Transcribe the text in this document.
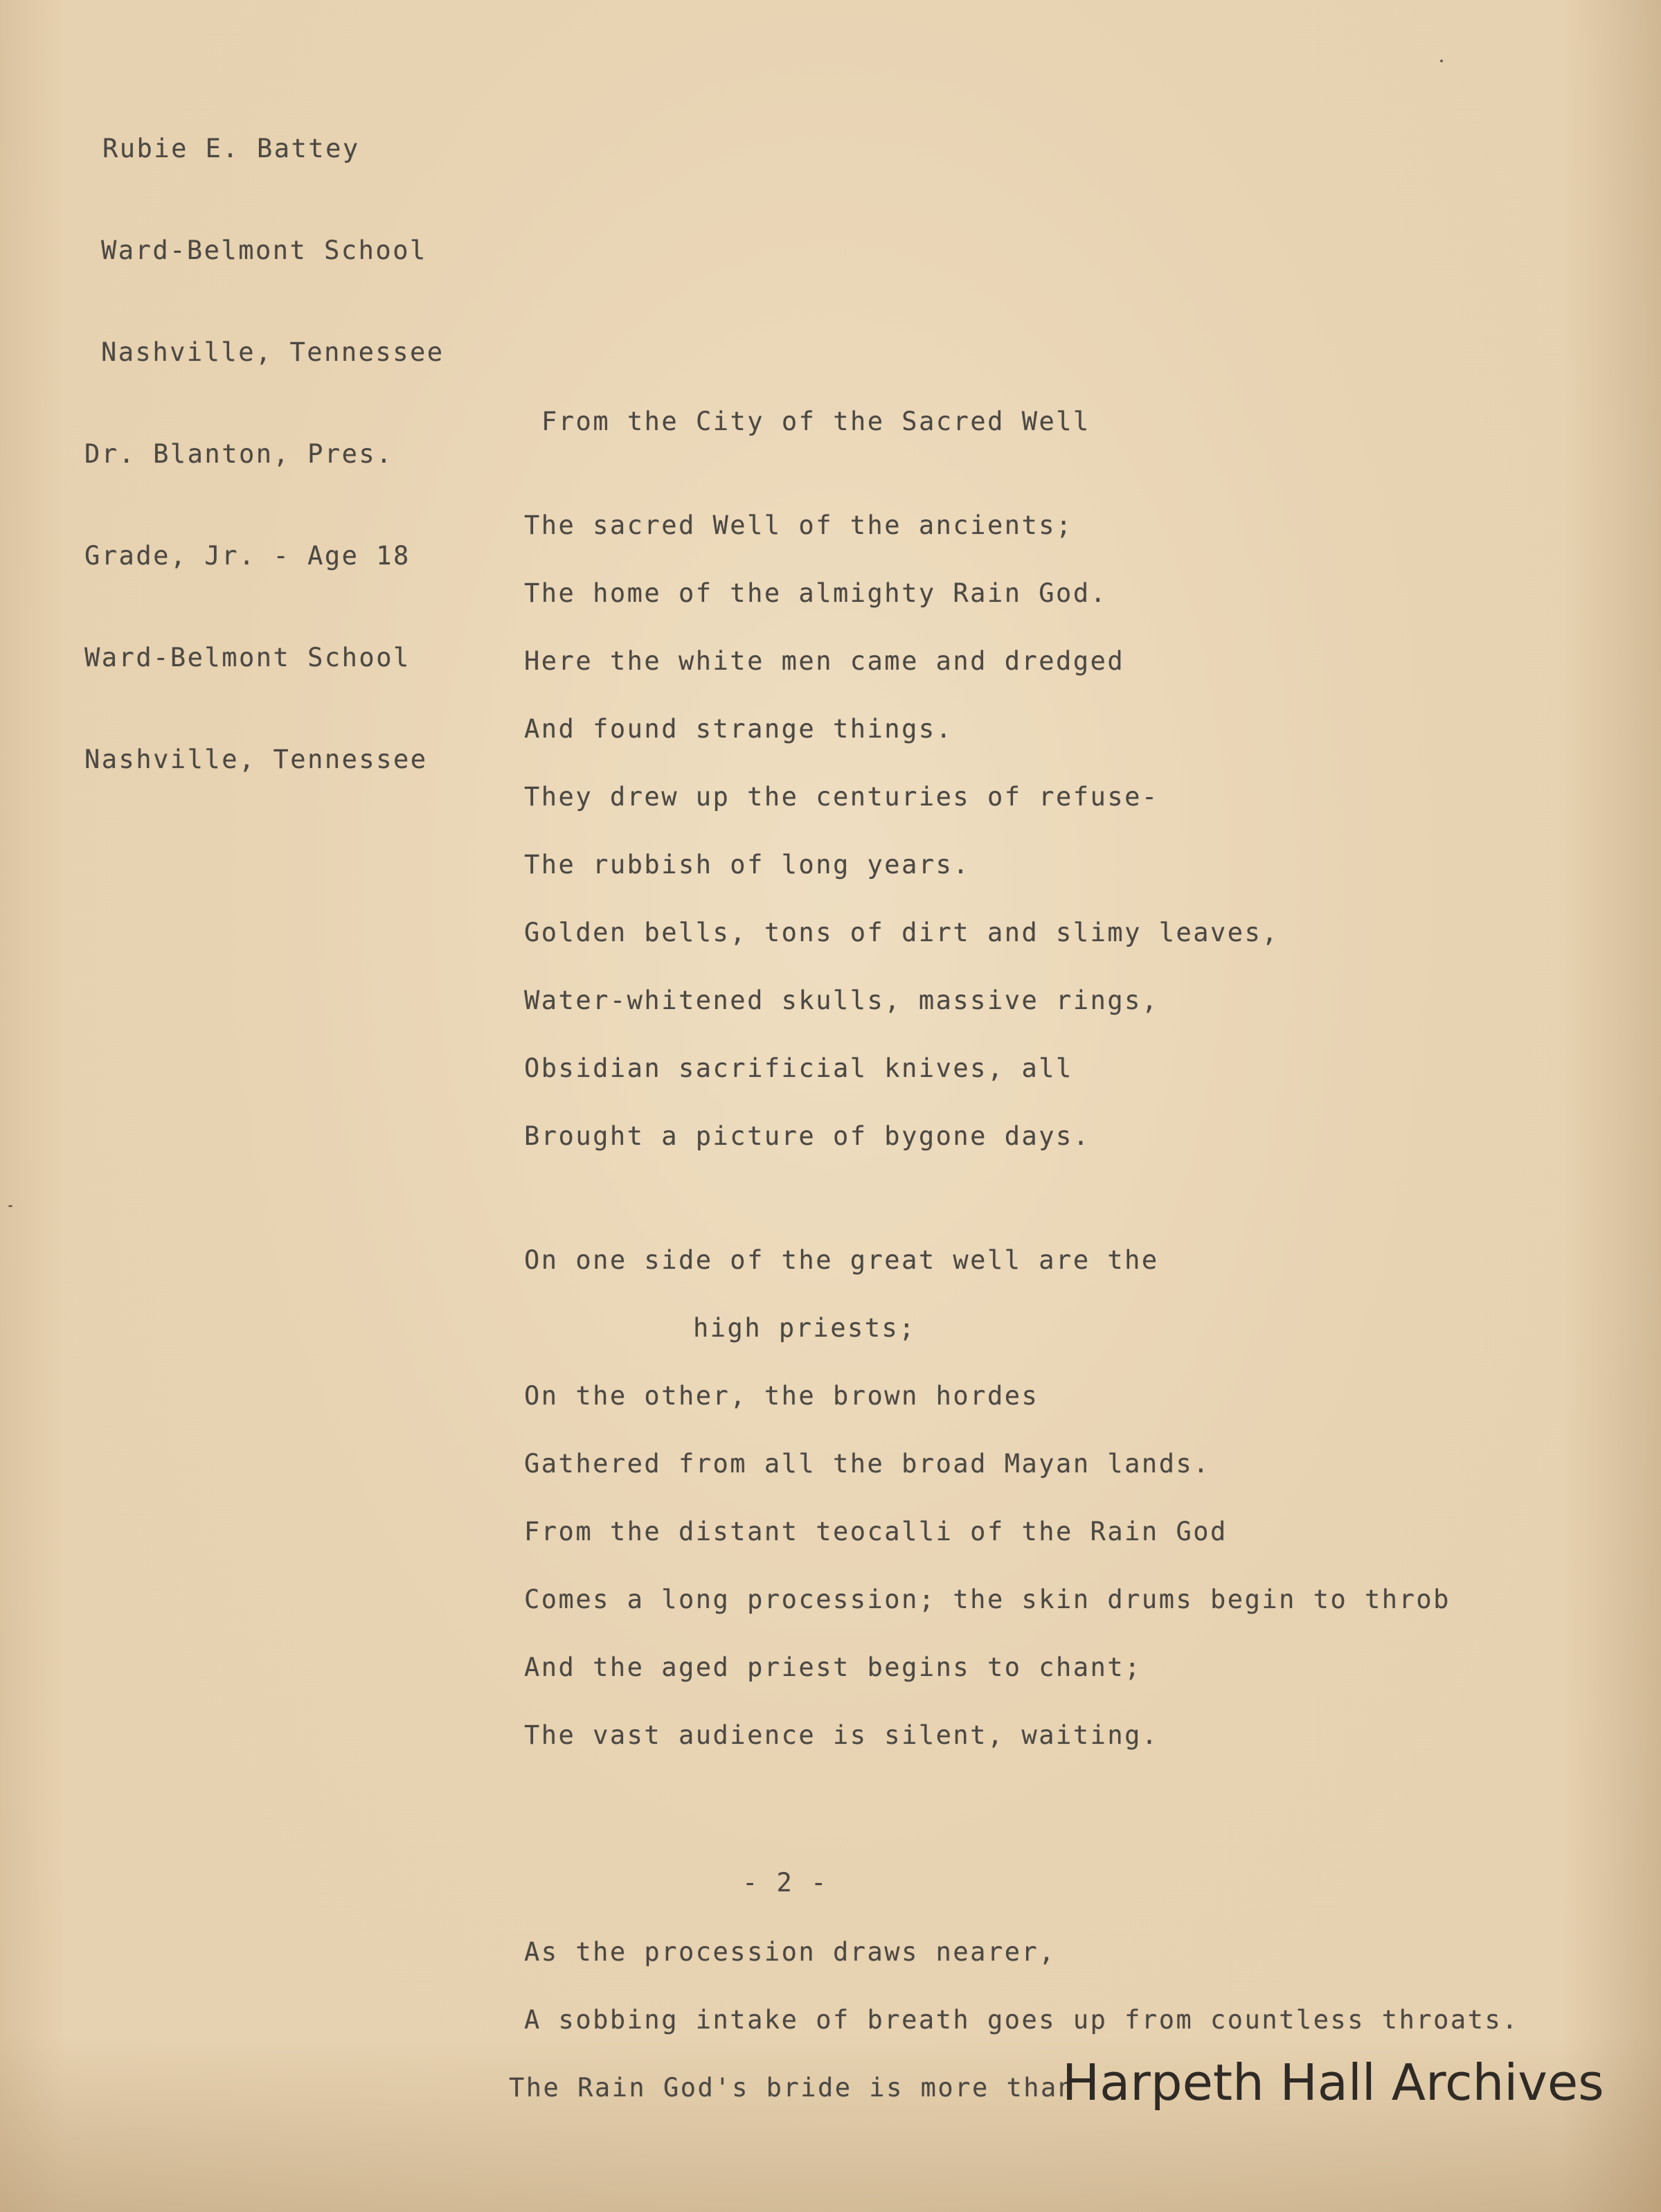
Rubie E. Battey

Ward-Belmont School

Nashville, Tennessee

Dr. Blanton, Pres.

Grade, Jr. - Age 18

Ward-Belmont School

Nashville, Tennessee

From the City of the Sacred Well

The sacred Well of the ancients;

The home of the almighty Rain God.

Here the white men came and dredged

And found strange things.

They drew up the centuries of refuse-

The rubbish of long years.

Golden bells, tons of dirt and slimy leaves,

Water-whitened skulls, massive rings,

Obsidian sacrificial knives, all

Brought a picture of bygone days.

On one side of the great well are the

high priests;

On the other, the brown hordes

Gathered from all the broad Mayan lands.

From the distant teocalli of the Rain God

Comes a long procession; the skin drums begin to throb

And the aged priest begins to chant;

The vast audience is silent, waiting.

- 2 -

As the procession draws nearer,

A sobbing intake of breath goes up from countless throats.

The Rain God's bride is more than

Harpeth Hall Archives
